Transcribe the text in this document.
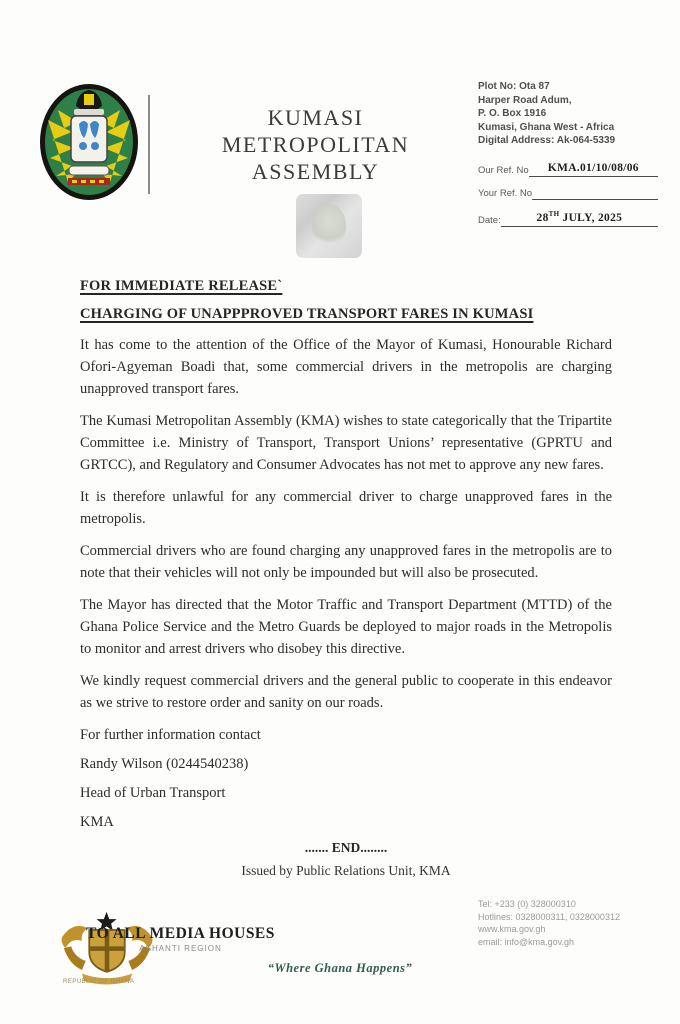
KUMASI
METROPOLITAN ASSEMBLY
Plot No: Ota 87
Harper Road Adum,
P. O. Box 1916
Kumasi, Ghana West - Africa
Digital Address: Ak-064-5339
Our Ref. No	KMA.01/10/08/06
Your Ref. No
Date:	28TH JULY, 2025
FOR IMMEDIATE RELEASE`
CHARGING OF UNAPPPROVED TRANSPORT FARES IN KUMASI

It has come to the attention of the Office of the Mayor of Kumasi, Honourable Richard Ofori-Agyeman Boadi that, some commercial drivers in the metropolis are charging unapproved transport fares.

The Kumasi Metropolitan Assembly (KMA) wishes to state categorically that the Tripartite Committee i.e. Ministry of Transport, Transport Unions’ representative (GPRTU and GRTCC), and Regulatory and Consumer Advocates has not met to approve any new fares.

It is therefore unlawful for any commercial driver to charge unapproved fares in the metropolis.

Commercial drivers who are found charging any unapproved fares in the metropolis are to note that their vehicles will not only be impounded but will also be prosecuted.

The Mayor has directed that the Motor Traffic and Transport Department (MTTD) of the Ghana Police Service and the Metro Guards be deployed to major roads in the Metropolis to monitor and arrest drivers who disobey this directive.

We kindly request commercial drivers and the general public to cooperate in this endeavor as we strive to restore order and sanity on our roads.

For further information contact
Randy Wilson (0244540238)
Head of Urban Transport
KMA
....... END........
Issued by Public Relations Unit, KMA
TO ALL MEDIA HOUSES
ASHANTI REGION
REPUBLIC OF GHANA
“Where Ghana Happens”
Tel: +233 (0) 328000310
Hotlines: 0328000311, 0328000312
www.kma.gov.gh
email: info@kma.gov.gh
